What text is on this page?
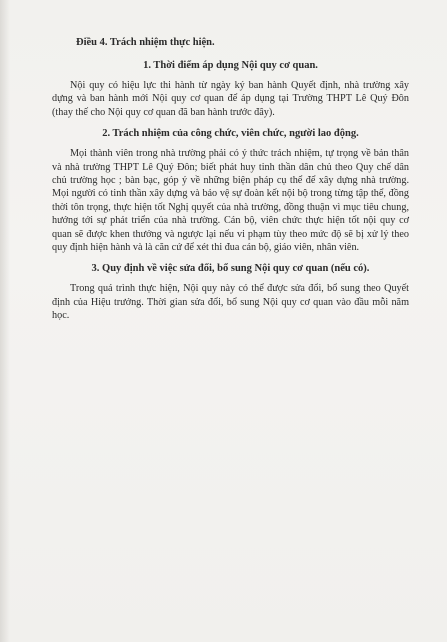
Điều 4. Trách nhiệm thực hiện.

1. Thời điểm áp dụng Nội quy cơ quan.

Nội quy có hiệu lực thi hành từ ngày ký ban hành Quyết định, nhà trường xây dựng và ban hành mới Nội quy cơ quan để áp dụng tại Trường THPT Lê Quý Đôn (thay thế cho Nội quy cơ quan đã ban hành trước đây).

2. Trách nhiệm của công chức, viên chức, người lao động.

Mọi thành viên trong nhà trường phải có ý thức trách nhiệm, tự trọng về bản thân và nhà trường THPT Lê Quý Đôn; biết phát huy tinh thần dân chủ theo Quy chế dân chủ trường học ; bàn bạc, góp ý về những biện pháp cụ thể để xây dựng nhà trường. Mọi người có tinh thần xây dựng và bảo vệ sự đoàn kết nội bộ trong từng tập thể, đồng thời tôn trọng, thực hiện tốt Nghị quyết của nhà trường, đồng thuận vì mục tiêu chung, hướng tới sự phát triển của nhà trường. Cán bộ, viên chức thực hiện tốt nội quy cơ quan sẽ được khen thưởng và ngược lại nếu vi phạm tùy theo mức độ sẽ bị xử lý theo quy định hiện hành và là căn cứ để xét thi đua cán bộ, giáo viên, nhân viên.

3. Quy định về việc sửa đổi, bổ sung Nội quy cơ quan (nếu có).

Trong quá trình thực hiện, Nội quy này có thể được sửa đổi, bổ sung theo Quyết định của Hiệu trưởng. Thời gian sửa đổi, bổ sung Nội quy cơ quan vào đầu mỗi năm học.
